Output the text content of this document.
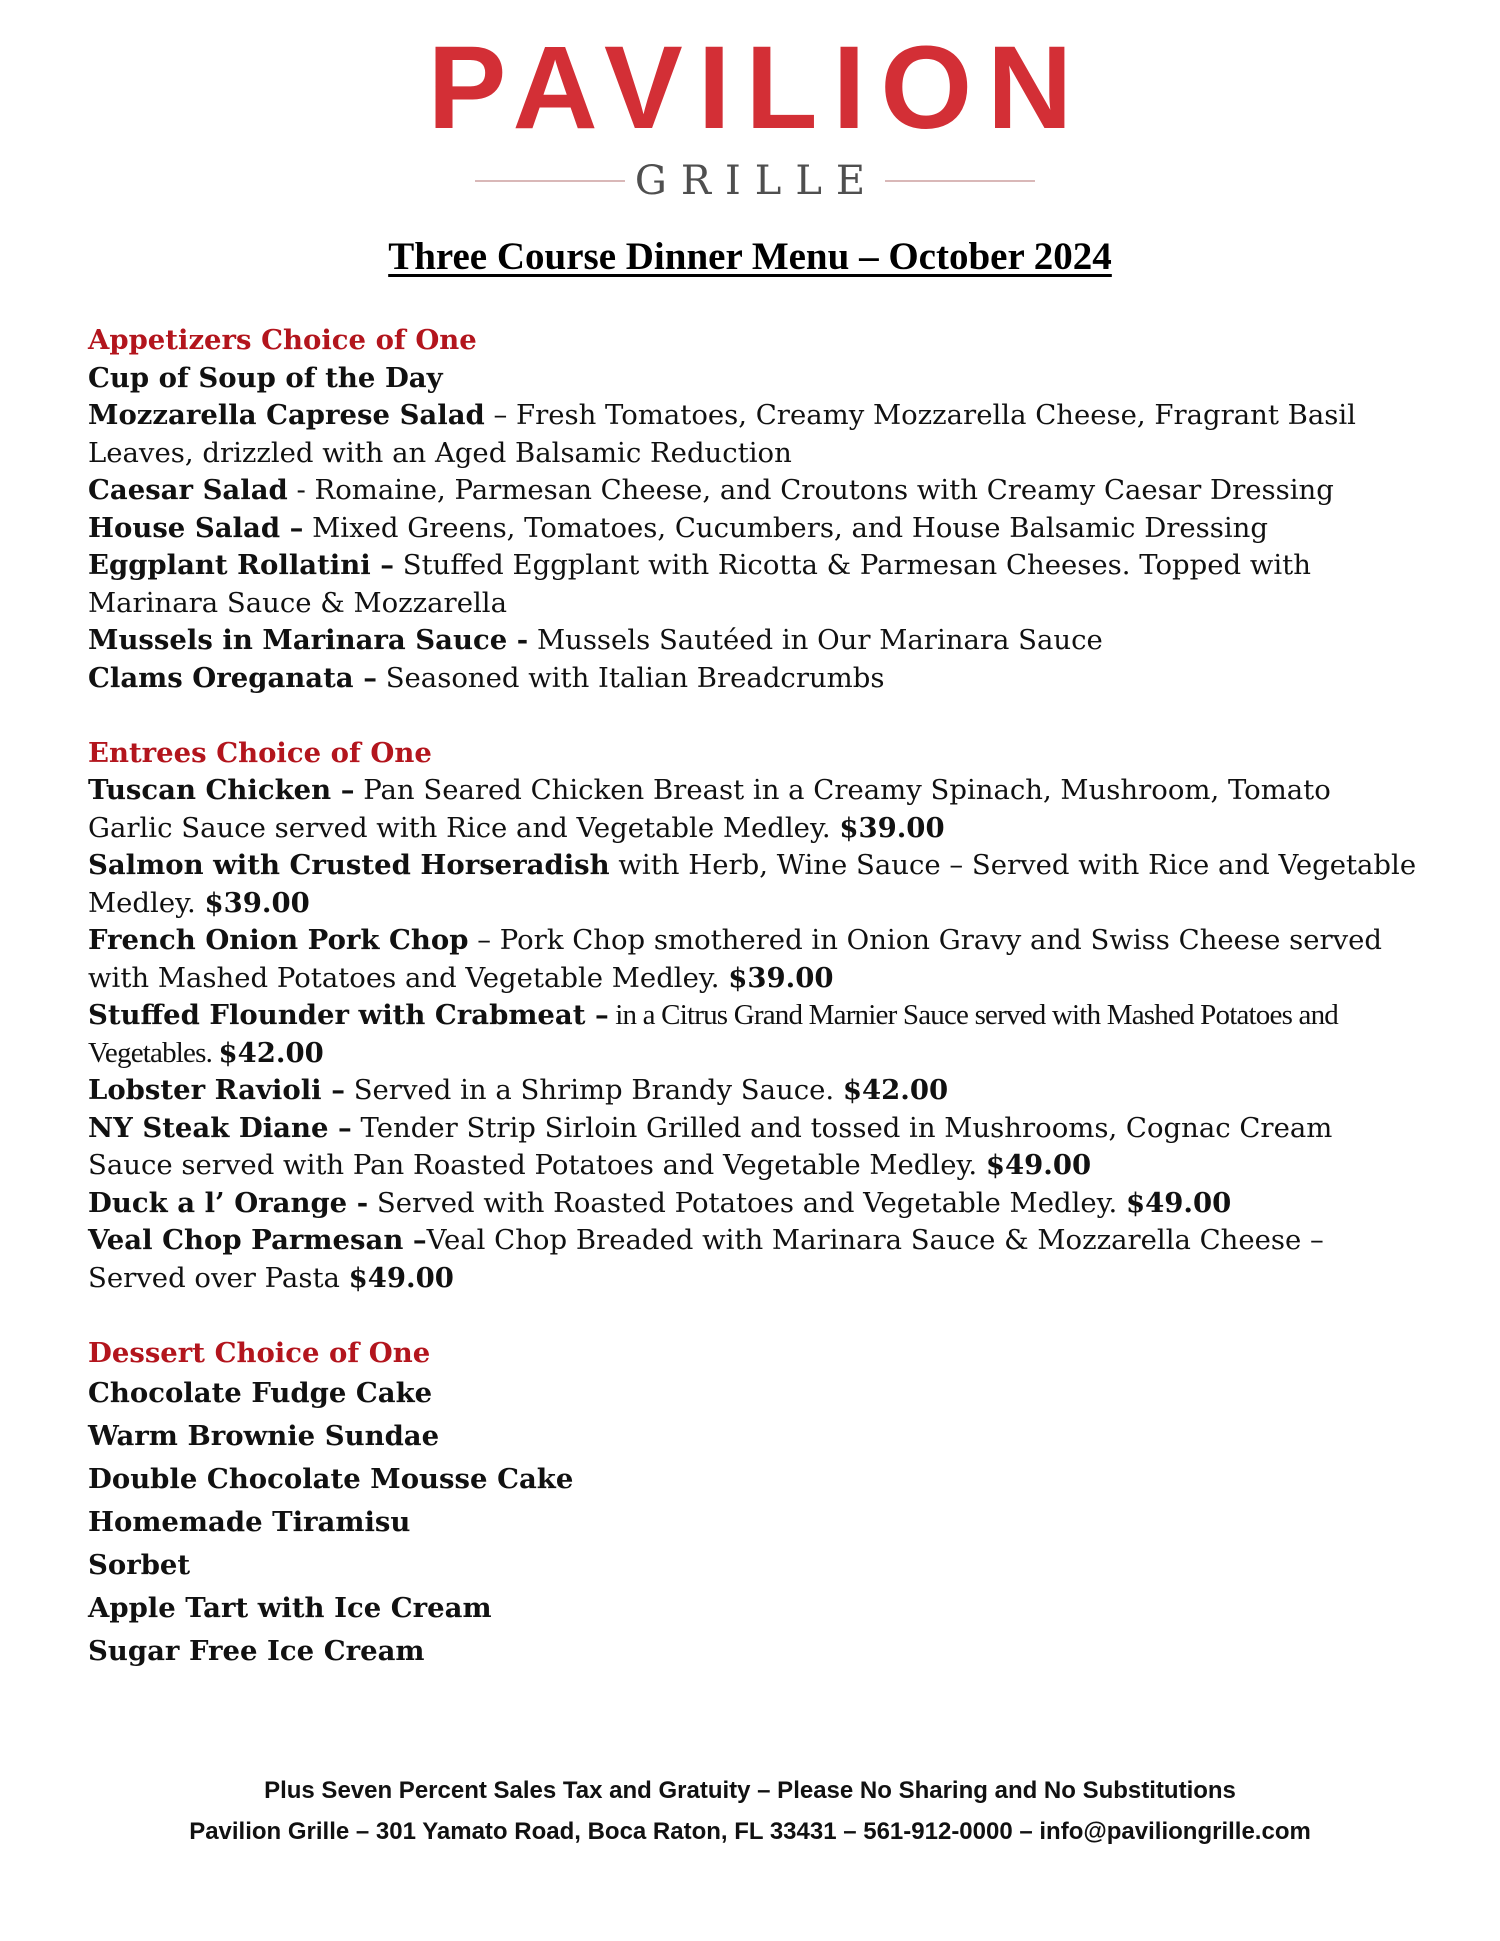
PAVILION
GRILLE
Three Course Dinner Menu – October 2024
Appetizers Choice of One

Cup of Soup of the Day

Mozzarella Caprese Salad – Fresh Tomatoes, Creamy Mozzarella Cheese, Fragrant Basil Leaves, drizzled with an Aged Balsamic Reduction

Caesar Salad - Romaine, Parmesan Cheese, and Croutons with Creamy Caesar Dressing

House Salad – Mixed Greens, Tomatoes, Cucumbers, and House Balsamic Dressing

Eggplant Rollatini – Stuffed Eggplant with Ricotta & Parmesan Cheeses. Topped with Marinara Sauce & Mozzarella

Mussels in Marinara Sauce - Mussels Sautéed in Our Marinara Sauce

Clams Oreganata – Seasoned with Italian Breadcrumbs

Entrees Choice of One

Tuscan Chicken – Pan Seared Chicken Breast in a Creamy Spinach, Mushroom, Tomato Garlic Sauce served with Rice and Vegetable Medley. $39.00

Salmon with Crusted Horseradish with Herb, Wine Sauce – Served with Rice and Vegetable Medley. $39.00

French Onion Pork Chop – Pork Chop smothered in Onion Gravy and Swiss Cheese served with Mashed Potatoes and Vegetable Medley. $39.00

Stuffed Flounder with Crabmeat – in a Citrus Grand Marnier Sauce served with Mashed Potatoes and Vegetables. $42.00

Lobster Ravioli – Served in a Shrimp Brandy Sauce. $42.00

NY Steak Diane – Tender Strip Sirloin Grilled and tossed in Mushrooms, Cognac Cream Sauce served with Pan Roasted Potatoes and Vegetable Medley. $49.00

Duck a l’ Orange - Served with Roasted Potatoes and Vegetable Medley. $49.00

Veal Chop Parmesan –Veal Chop Breaded with Marinara Sauce & Mozzarella Cheese – Served over Pasta $49.00

Dessert Choice of One

Chocolate Fudge Cake

Warm Brownie Sundae

Double Chocolate Mousse Cake

Homemade Tiramisu

Sorbet

Apple Tart with Ice Cream

Sugar Free Ice Cream

Plus Seven Percent Sales Tax and Gratuity – Please No Sharing and No Substitutions
Pavilion Grille – 301 Yamato Road, Boca Raton, FL 33431 – 561-912-0000 – info@paviliongrille.com
